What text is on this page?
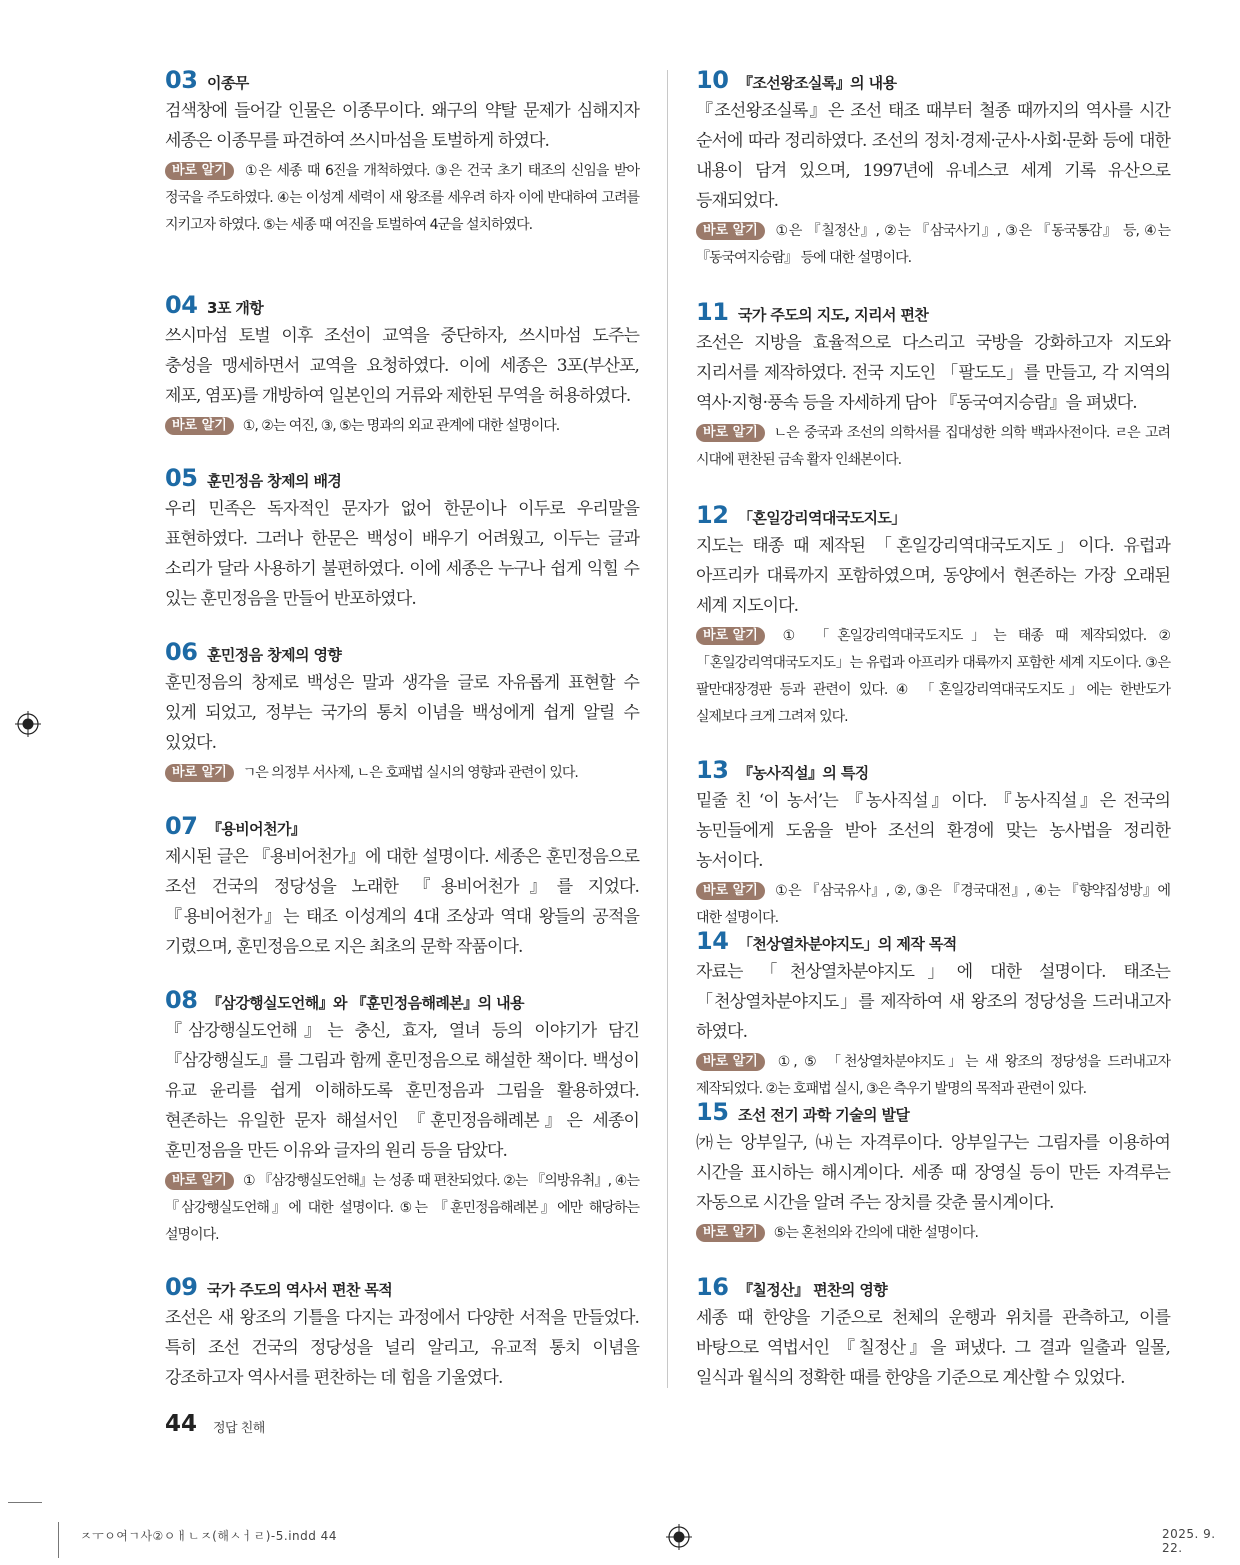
03 이종무
검색창에 들어갈 인물은 이종무이다. 왜구의 약탈 문제가 심해지자 세종은 이종무를 파견하여 쓰시마섬을 토벌하게 하였다.
바로 알기 ①은 세종 때 6진을 개척하였다. ③은 건국 초기 태조의 신임을 받아 정국을 주도하였다. ④는 이성계 세력이 새 왕조를 세우려 하자 이에 반대하여 고려를 지키고자 하였다. ⑤는 세종 때 여진을 토벌하여 4군을 설치하였다.
04 3포 개항
쓰시마섬 토벌 이후 조선이 교역을 중단하자, 쓰시마섬 도주는 충성을 맹세하면서 교역을 요청하였다. 이에 세종은 3포(부산포, 제포, 염포)를 개방하여 일본인의 거류와 제한된 무역을 허용하였다.
바로 알기 ①, ②는 여진, ③, ⑤는 명과의 외교 관계에 대한 설명이다.
05 훈민정음 창제의 배경
우리 민족은 독자적인 문자가 없어 한문이나 이두로 우리말을 표현하였다. 그러나 한문은 백성이 배우기 어려웠고, 이두는 글과 소리가 달라 사용하기 불편하였다. 이에 세종은 누구나 쉽게 익힐 수 있는 훈민정음을 만들어 반포하였다.
06 훈민정음 창제의 영향
훈민정음의 창제로 백성은 말과 생각을 글로 자유롭게 표현할 수 있게 되었고, 정부는 국가의 통치 이념을 백성에게 쉽게 알릴 수 있었다.
바로 알기 ㄱ은 의정부 서사제, ㄴ은 호패법 실시의 영향과 관련이 있다.
07 『용비어천가』
제시된 글은 『용비어천가』에 대한 설명이다. 세종은 훈민정음으로 조선 건국의 정당성을 노래한 『용비어천가』를 지었다. 『용비어천가』는 태조 이성계의 4대 조상과 역대 왕들의 공적을 기렸으며, 훈민정음으로 지은 최초의 문학 작품이다.
08 『삼강행실도언해』와 『훈민정음해례본』의 내용
『삼강행실도언해』는 충신, 효자, 열녀 등의 이야기가 담긴 『삼강행실도』를 그림과 함께 훈민정음으로 해설한 책이다. 백성이 유교 윤리를 쉽게 이해하도록 훈민정음과 그림을 활용하였다. 현존하는 유일한 문자 해설서인 『훈민정음해례본』은 세종이 훈민정음을 만든 이유와 글자의 원리 등을 담았다.
바로 알기 ① 『삼강행실도언해』는 성종 때 편찬되었다. ②는 『의방유취』, ④는 『삼강행실도언해』에 대한 설명이다. ⑤는 『훈민정음해례본』에만 해당하는 설명이다.
09 국가 주도의 역사서 편찬 목적
조선은 새 왕조의 기틀을 다지는 과정에서 다양한 서적을 만들었다. 특히 조선 건국의 정당성을 널리 알리고, 유교적 통치 이념을 강조하고자 역사서를 편찬하는 데 힘을 기울였다.
10 『조선왕조실록』의 내용
『조선왕조실록』은 조선 태조 때부터 철종 때까지의 역사를 시간 순서에 따라 정리하였다. 조선의 정치·경제·군사·사회·문화 등에 대한 내용이 담겨 있으며, 1997년에 유네스코 세계 기록 유산으로 등재되었다.
바로 알기 ①은 『칠정산』, ②는 『삼국사기』, ③은 『동국통감』 등, ④는 『동국여지승람』 등에 대한 설명이다.
11 국가 주도의 지도, 지리서 편찬
조선은 지방을 효율적으로 다스리고 국방을 강화하고자 지도와 지리서를 제작하였다. 전국 지도인 「팔도도」를 만들고, 각 지역의 역사·지형·풍속 등을 자세하게 담아 『동국여지승람』을 펴냈다.
바로 알기 ㄴ은 중국과 조선의 의학서를 집대성한 의학 백과사전이다. ㄹ은 고려 시대에 편찬된 금속 활자 인쇄본이다.
12 「혼일강리역대국도지도」
지도는 태종 때 제작된 「혼일강리역대국도지도」이다. 유럽과 아프리카 대륙까지 포함하였으며, 동양에서 현존하는 가장 오래된 세계 지도이다.
바로 알기 ① 「혼일강리역대국도지도」는 태종 때 제작되었다. ② 「혼일강리역대국도지도」는 유럽과 아프리카 대륙까지 포함한 세계 지도이다. ③은 팔만대장경판 등과 관련이 있다. ④ 「혼일강리역대국도지도」에는 한반도가 실제보다 크게 그려져 있다.
13 『농사직설』의 특징
밑줄 친 ‘이 농서’는 『농사직설』이다. 『농사직설』은 전국의 농민들에게 도움을 받아 조선의 환경에 맞는 농사법을 정리한 농서이다.
바로 알기 ①은 『삼국유사』, ②, ③은 『경국대전』, ④는 『향약집성방』에 대한 설명이다.
14 「천상열차분야지도」의 제작 목적
자료는 「천상열차분야지도」에 대한 설명이다. 태조는 「천상열차분야지도」를 제작하여 새 왕조의 정당성을 드러내고자 하였다.
바로 알기 ①, ⑤ 「천상열차분야지도」는 새 왕조의 정당성을 드러내고자 제작되었다. ②는 호패법 실시, ③은 측우기 발명의 목적과 관련이 있다.
15 조선 전기 과학 기술의 발달
㈎는 앙부일구, ㈏는 자격루이다. 앙부일구는 그림자를 이용하여 시간을 표시하는 해시계이다. 세종 때 장영실 등이 만든 자격루는 자동으로 시간을 알려 주는 장치를 갖춘 물시계이다.
바로 알기 ⑤는 혼천의와 간의에 대한 설명이다.
16 『칠정산』 편찬의 영향
세종 때 한양을 기준으로 천체의 운행과 위치를 관측하고, 이를 바탕으로 역법서인 『칠정산』을 펴냈다. 그 결과 일출과 일몰, 일식과 월식의 정확한 때를 한양을 기준으로 계산할 수 있었다.
44 정답 친해
ㅈㅜㅇ여ㄱ사②ㅇㅐㄴㅈ(해ㅅㅓㄹ)-5.indd 44	2025. 9. 22.
